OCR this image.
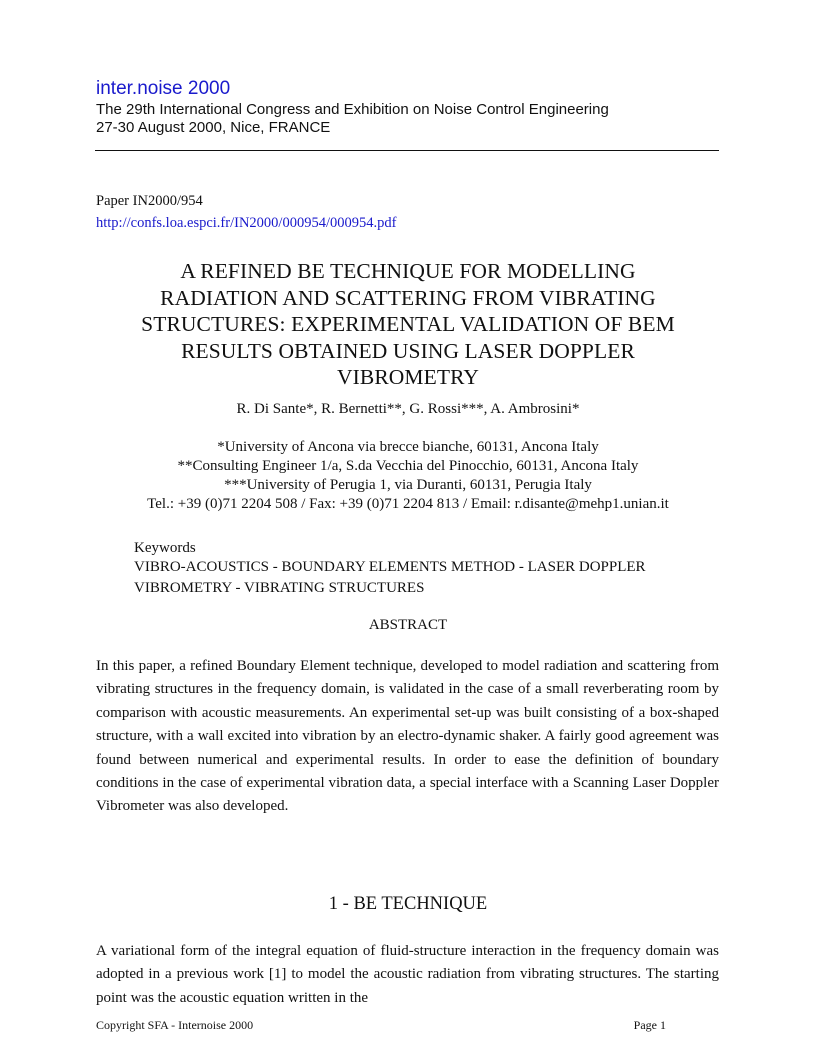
inter.noise 2000
The 29th International Congress and Exhibition on Noise Control Engineering
27-30 August 2000, Nice, FRANCE
Paper IN2000/954
http://confs.loa.espci.fr/IN2000/000954/000954.pdf
A REFINED BE TECHNIQUE FOR MODELLING
RADIATION AND SCATTERING FROM VIBRATING
STRUCTURES: EXPERIMENTAL VALIDATION OF BEM
RESULTS OBTAINED USING LASER DOPPLER
VIBROMETRY
R. Di Sante*, R. Bernetti**, G. Rossi***, A. Ambrosini*
*University of Ancona via brecce bianche, 60131, Ancona Italy
**Consulting Engineer 1/a, S.da Vecchia del Pinocchio, 60131, Ancona Italy
***University of Perugia 1, via Duranti, 60131, Perugia Italy
Tel.: +39 (0)71 2204 508 / Fax: +39 (0)71 2204 813 / Email: r.disante@mehp1.unian.it
Keywords
VIBRO-ACOUSTICS - BOUNDARY ELEMENTS METHOD - LASER DOPPLER VIBROMETRY - VIBRATING STRUCTURES
ABSTRACT

In this paper, a refined Boundary Element technique, developed to model radiation and scattering from vibrating structures in the frequency domain, is validated in the case of a small reverberating room by comparison with acoustic measurements. An experimental set-up was built consisting of a box-shaped structure, with a wall excited into vibration by an electro-dynamic shaker. A fairly good agreement was found between numerical and experimental results. In order to ease the definition of boundary conditions in the case of experimental vibration data, a special interface with a Scanning Laser Doppler Vibrometer was also developed.

1 - BE TECHNIQUE

A variational form of the integral equation of fluid-structure interaction in the frequency domain was adopted in a previous work [1] to model the acoustic radiation from vibrating structures. The starting point was the acoustic equation written in the

Copyright SFA - Internoise 2000	Page 1
